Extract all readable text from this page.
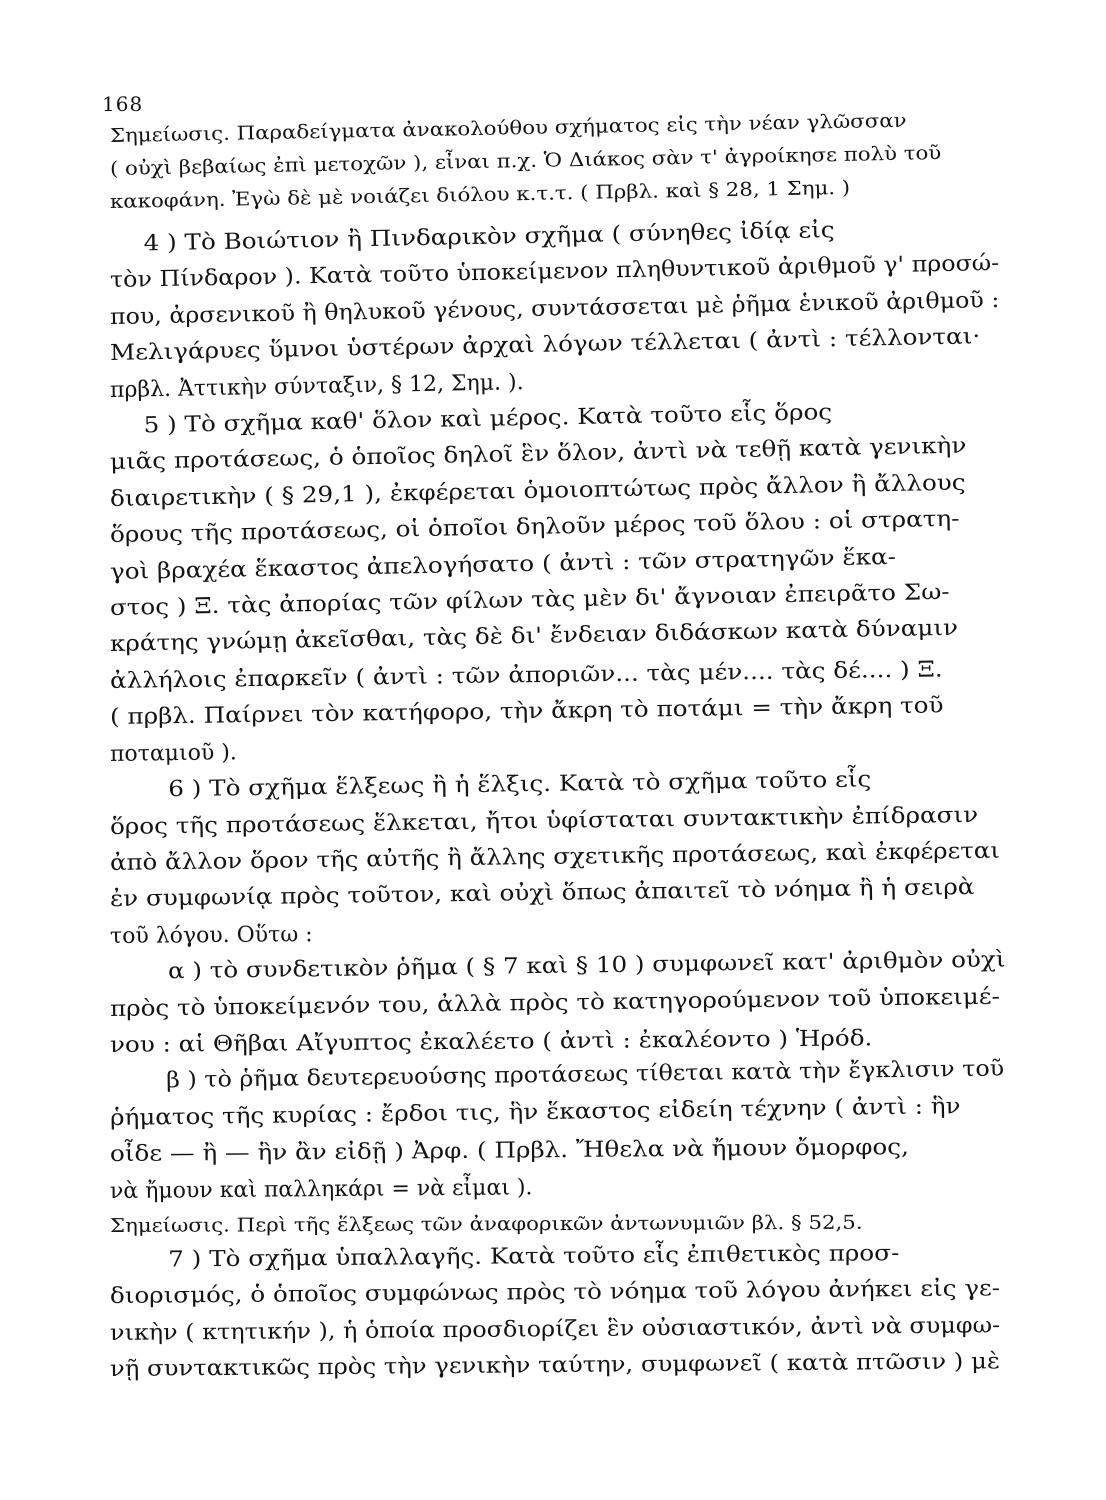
168
Σημείωσις. Παραδείγματα ἀνακολούθου σχήματος εἰς τὴν νέαν γλῶσσαν
( οὐχὶ βεβαίως ἐπὶ μετοχῶν ), εἶναι π.χ. Ὁ Διάκος σὰν τ' ἀγροίκησε πολὺ τοῦ
κακοφάνη. Ἐγὼ δὲ μὲ νοιάζει διόλου κ.τ.τ. ( Πρβλ. καὶ § 28, 1 Σημ. )
4 ) Τὸ Βοιώτιον ἢ Πινδαρικὸν σχῆμα ( σύνηθες ἰδίᾳ εἰς
τὸν Πίνδαρον ). Κατὰ τοῦτο ὑποκείμενον πληθυντικοῦ ἀριθμοῦ γ' προσώ-
που, ἀρσενικοῦ ἢ θηλυκοῦ γένους, συντάσσεται μὲ ῥῆμα ἑνικοῦ ἀριθμοῦ :
Μελιγάρυες ὕμνοι ὑστέρων ἀρχαὶ λόγων τέλλεται ( ἀντὶ : τέλλονται·
πρβλ. Ἀττικὴν σύνταξιν, § 12, Σημ. ).
5 ) Τὸ σχῆμα καθ' ὅλον καὶ μέρος. Κατὰ τοῦτο εἷς ὅρος
μιᾶς προτάσεως, ὁ ὁποῖος δηλοῖ ἓν ὅλον, ἀντὶ νὰ τεθῇ κατὰ γενικὴν
διαιρετικὴν ( § 29,1 ), ἐκφέρεται ὁμοιοπτώτως πρὸς ἄλλον ἢ ἄλλους
ὅρους τῆς προτάσεως, οἱ ὁποῖοι δηλοῦν μέρος τοῦ ὅλου : οἱ στρατη-
γοὶ βραχέα ἕκαστος ἀπελογήσατο ( ἀντὶ : τῶν στρατηγῶν ἕκα-
στος ) Ξ. τὰς ἀπορίας τῶν φίλων τὰς μὲν δι' ἄγνοιαν ἐπειρᾶτο Σω-
κράτης γνώμῃ ἀκεῖσθαι, τὰς δὲ δι' ἔνδειαν διδάσκων κατὰ δύναμιν
ἀλλήλοις ἐπαρκεῖν ( ἀντὶ : τῶν ἀποριῶν... τὰς μέν.... τὰς δέ.... ) Ξ.
( πρβλ. Παίρνει τὸν κατήφορο, τὴν ἄκρη τὸ ποτάμι = τὴν ἄκρη τοῦ
ποταμιοῦ ).
6 ) Τὸ σχῆμα ἕλξεως ἢ ἡ ἕλξις. Κατὰ τὸ σχῆμα τοῦτο εἷς
ὅρος τῆς προτάσεως ἕλκεται, ἤτοι ὑφίσταται συντακτικὴν ἐπίδρασιν
ἀπὸ ἄλλον ὅρον τῆς αὐτῆς ἢ ἄλλης σχετικῆς προτάσεως, καὶ ἐκφέρεται
ἐν συμφωνίᾳ πρὸς τοῦτον, καὶ οὐχὶ ὅπως ἀπαιτεῖ τὸ νόημα ἢ ἡ σειρὰ
τοῦ λόγου. Οὕτω :
α ) τὸ συνδετικὸν ῥῆμα ( § 7 καὶ § 10 ) συμφωνεῖ κατ' ἀριθμὸν οὐχὶ
πρὸς τὸ ὑποκείμενόν του, ἀλλὰ πρὸς τὸ κατηγορούμενον τοῦ ὑποκειμέ-
νου : αἱ Θῆβαι Αἴγυπτος ἐκαλέετο ( ἀντὶ : ἐκαλέοντο ) Ἡρόδ.
β ) τὸ ῥῆμα δευτερευούσης προτάσεως τίθεται κατὰ τὴν ἔγκλισιν τοῦ
ῥήματος τῆς κυρίας : ἔρδοι τις, ἣν ἕκαστος εἰδείη τέχνην ( ἀντὶ : ἣν
οἶδε — ἢ — ἣν ἂν εἰδῇ ) Ἀρφ. ( Πρβλ. Ἤθελα νὰ ἤμουν ὄμορφος,
νὰ ἤμουν καὶ παλληκάρι = νὰ εἶμαι ).
Σημείωσις. Περὶ τῆς ἕλξεως τῶν ἀναφορικῶν ἀντωνυμιῶν βλ. § 52,5.
7 ) Τὸ σχῆμα ὑπαλλαγῆς. Κατὰ τοῦτο εἷς ἐπιθετικὸς προσ-
διορισμός, ὁ ὁποῖος συμφώνως πρὸς τὸ νόημα τοῦ λόγου ἀνήκει εἰς γε-
νικὴν ( κτητικήν ), ἡ ὁποία προσδιορίζει ἓν οὐσιαστικόν, ἀντὶ νὰ συμφω-
νῇ συντακτικῶς πρὸς τὴν γενικὴν ταύτην, συμφωνεῖ ( κατὰ πτῶσιν ) μὲ
